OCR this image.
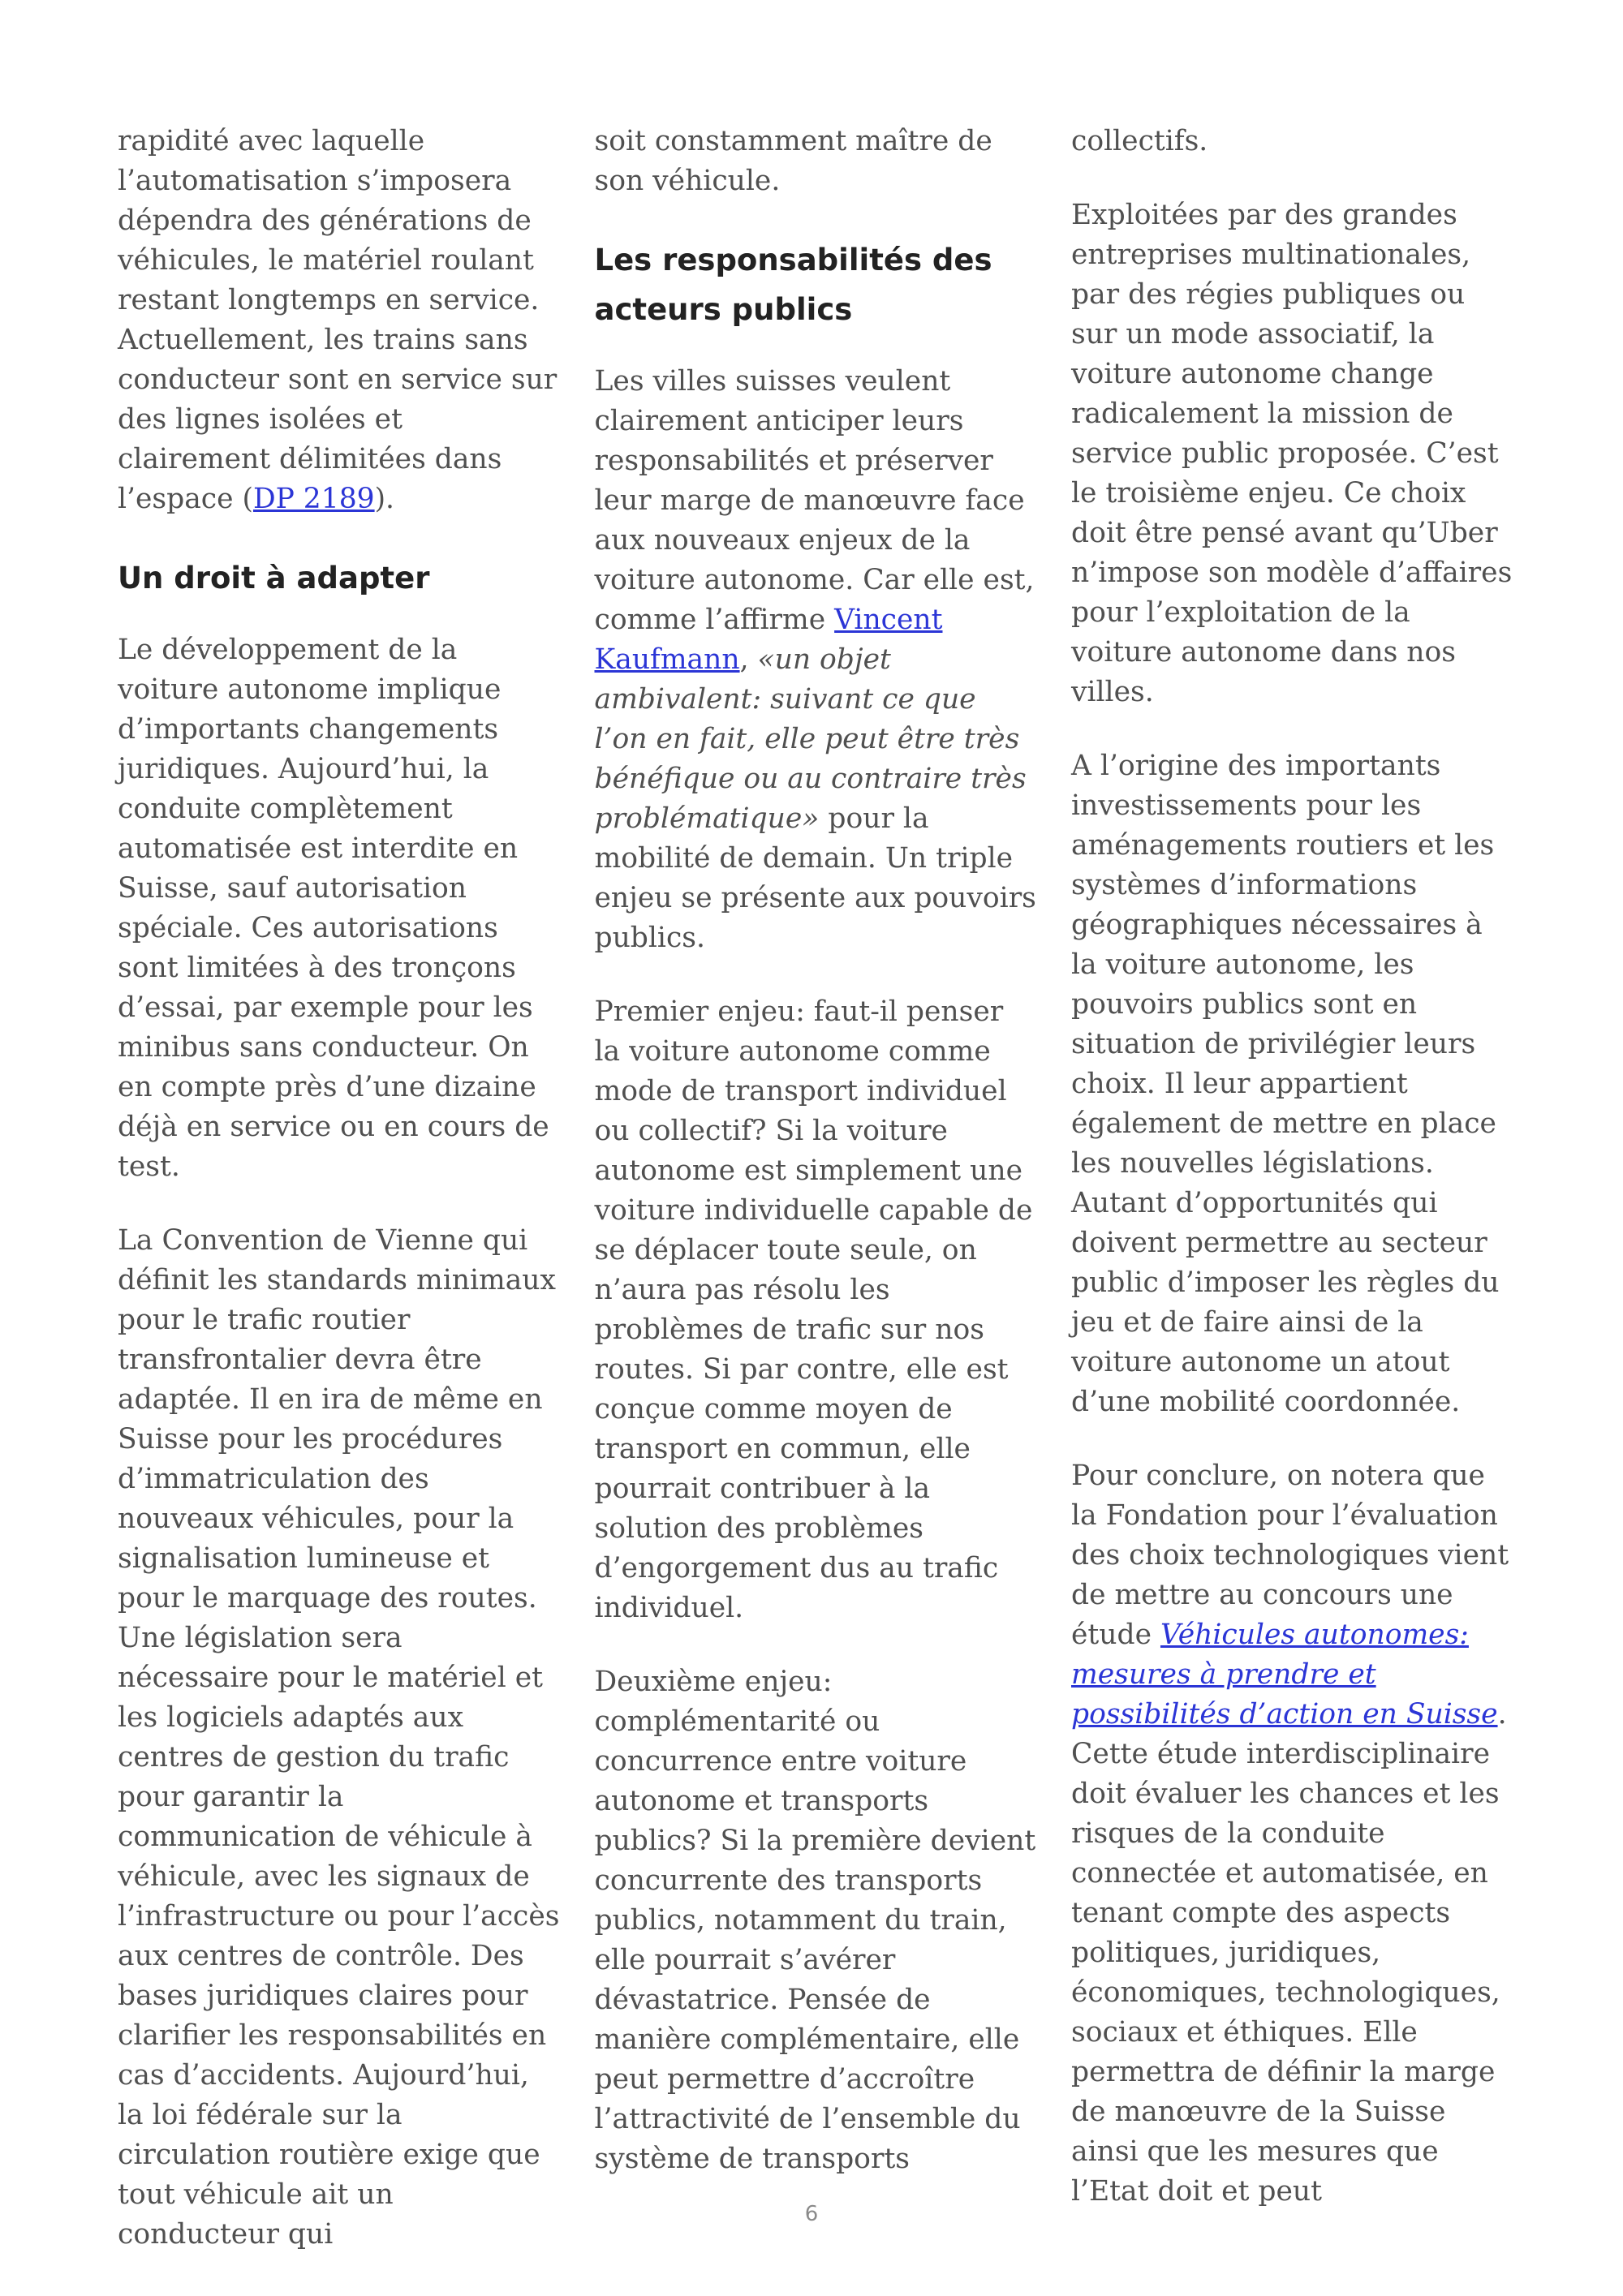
rapidité avec laquelle l’automatisation s’imposera dépendra des générations de véhicules, le matériel roulant restant longtemps en service. Actuellement, les trains sans conducteur sont en service sur des lignes isolées et clairement délimitées dans l’espace (DP 2189).

Un droit à adapter

Le développement de la voiture autonome implique d’importants changements juridiques. Aujourd’hui, la conduite complètement automatisée est interdite en Suisse, sauf autorisation spéciale. Ces autorisations sont limitées à des tronçons d’essai, par exemple pour les minibus sans conducteur. On en compte près d’une dizaine déjà en service ou en cours de test.

La Convention de Vienne qui définit les standards minimaux pour le trafic routier transfrontalier devra être adaptée. Il en ira de même en Suisse pour les procédures d’immatriculation des nouveaux véhicules, pour la signalisation lumineuse et pour le marquage des routes. Une législation sera nécessaire pour le matériel et les logiciels adaptés aux centres de gestion du trafic pour garantir la communication de véhicule à véhicule, avec les signaux de l’infrastructure ou pour l’accès aux centres de contrôle. Des bases juridiques claires pour clarifier les responsabilités en cas d’accidents. Aujourd’hui, la loi fédérale sur la circulation routière exige que tout véhicule ait un conducteur qui

soit constamment maître de son véhicule.

Les responsabilités des acteurs publics

Les villes suisses veulent clairement anticiper leurs responsabilités et préserver leur marge de manœuvre face aux nouveaux enjeux de la voiture autonome. Car elle est, comme l’affirme Vincent Kaufmann, «un objet ambivalent: suivant ce que l’on en fait, elle peut être très bénéfique ou au contraire très problématique» pour la mobilité de demain. Un triple enjeu se présente aux pouvoirs publics.

Premier enjeu: faut-il penser la voiture autonome comme mode de transport individuel ou collectif? Si la voiture autonome est simplement une voiture individuelle capable de se déplacer toute seule, on n’aura pas résolu les problèmes de trafic sur nos routes. Si par contre, elle est conçue comme moyen de transport en commun, elle pourrait contribuer à la solution des problèmes d’engorgement dus au trafic individuel.

Deuxième enjeu: complémentarité ou concurrence entre voiture autonome et transports publics? Si la première devient concurrente des transports publics, notamment du train, elle pourrait s’avérer dévastatrice. Pensée de manière complémentaire, elle peut permettre d’accroître l’attractivité de l’ensemble du système de transports

collectifs.

Exploitées par des grandes entreprises multinationales, par des régies publiques ou sur un mode associatif, la voiture autonome change radicalement la mission de service public proposée. C’est le troisième enjeu. Ce choix doit être pensé avant qu’Uber n’impose son modèle d’affaires pour l’exploitation de la voiture autonome dans nos villes.

A l’origine des importants investissements pour les aménagements routiers et les systèmes d’informations géographiques nécessaires à la voiture autonome, les pouvoirs publics sont en situation de privilégier leurs choix. Il leur appartient également de mettre en place les nouvelles législations. Autant d’opportunités qui doivent permettre au secteur public d’imposer les règles du jeu et de faire ainsi de la voiture autonome un atout d’une mobilité coordonnée.

Pour conclure, on notera que la Fondation pour l’évaluation des choix technologiques vient de mettre au concours une étude Véhicules autonomes: mesures à prendre et possibilités d’action en Suisse. Cette étude interdisciplinaire doit évaluer les chances et les risques de la conduite connectée et automatisée, en tenant compte des aspects politiques, juridiques, économiques, technologiques, sociaux et éthiques. Elle permettra de définir la marge de manœuvre de la Suisse ainsi que les mesures que l’Etat doit et peut

6
